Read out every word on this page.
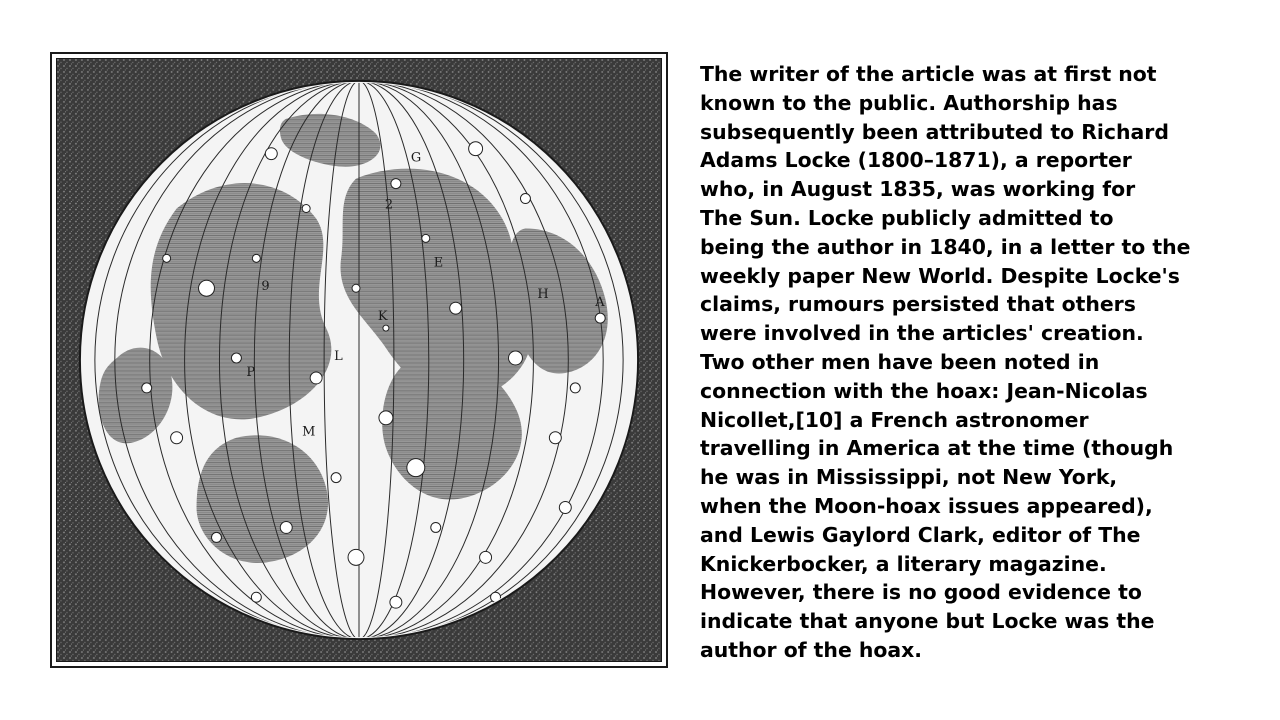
G
2
9
K
L
P
M
H
A
E

The writer of the article was at first not
known to the public. Authorship has
subsequently been attributed to Richard
Adams Locke (1800–1871), a reporter
who, in August 1835, was working for
The Sun. Locke publicly admitted to
being the author in 1840, in a letter to the
weekly paper New World. Despite Locke's
claims, rumours persisted that others
were involved in the articles' creation.
Two other men have been noted in
connection with the hoax: Jean-Nicolas
Nicollet,[10] a French astronomer
travelling in America at the time (though
he was in Mississippi, not New York,
when the Moon-hoax issues appeared),
and Lewis Gaylord Clark, editor of The
Knickerbocker, a literary magazine.
However, there is no good evidence to
indicate that anyone but Locke was the
author of the hoax.
